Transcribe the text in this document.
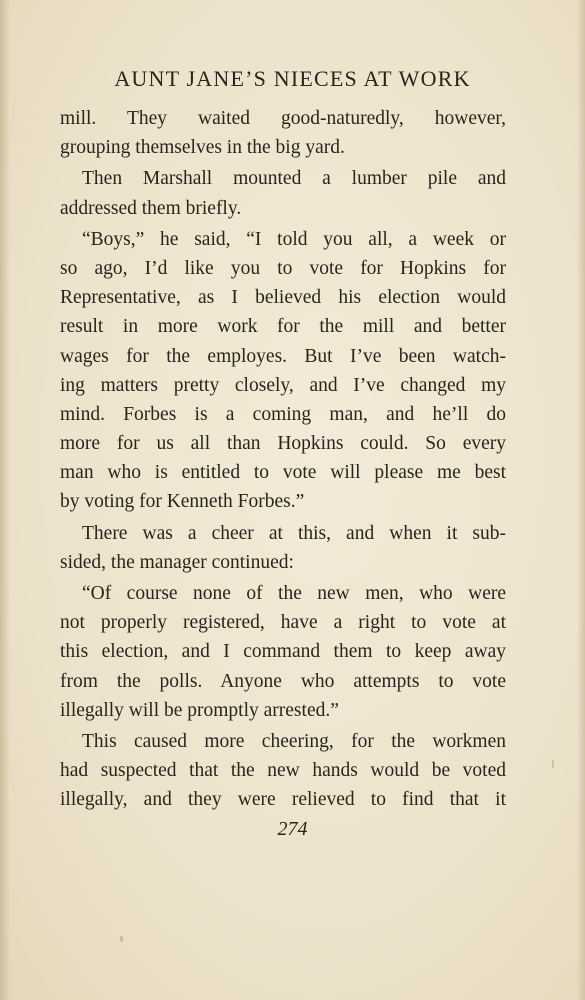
AUNT JANE’S NIECES AT WORK
mill. They waited good-naturedly, however,
grouping themselves in the big yard.
Then Marshall mounted a lumber pile and
addressed them briefly.
“Boys,” he said, “I told you all, a week or
so ago, I’d like you to vote for Hopkins for
Representative, as I believed his election would
result in more work for the mill and better
wages for the employes. But I’ve been watch-
ing matters pretty closely, and I’ve changed my
mind. Forbes is a coming man, and he’ll do
more for us all than Hopkins could. So every
man who is entitled to vote will please me best
by voting for Kenneth Forbes.”
There was a cheer at this, and when it sub-
sided, the manager continued:
“Of course none of the new men, who were
not properly registered, have a right to vote at
this election, and I command them to keep away
from the polls. Anyone who attempts to vote
illegally will be promptly arrested.”
This caused more cheering, for the workmen
had suspected that the new hands would be voted
illegally, and they were relieved to find that it
274
